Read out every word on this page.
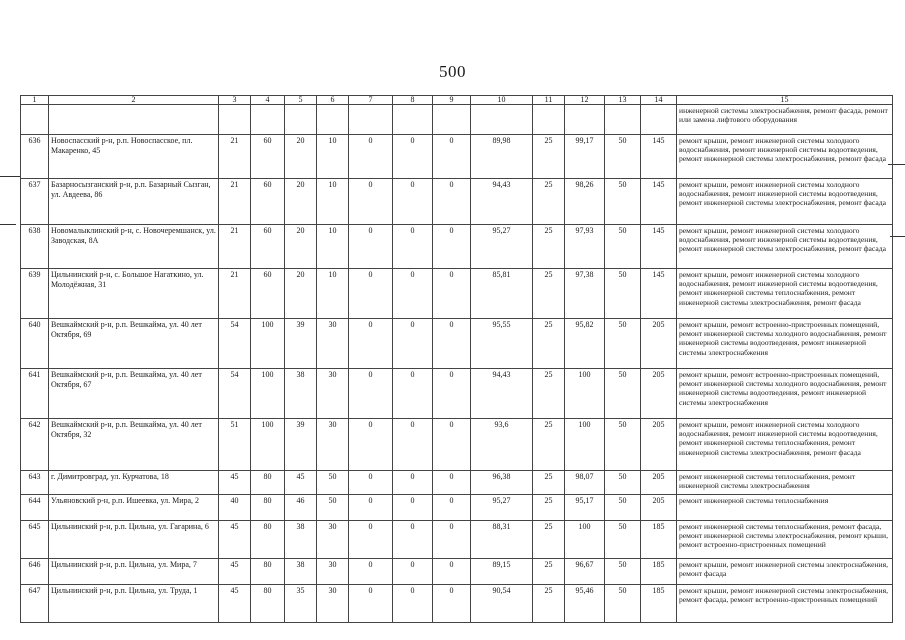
500
1	2	3	4	5	6	7	8	9	10	11	12	13	14	15
														инженерной системы электроснабжения, ремонт фасада, ремонт или замена лифтового оборудования
636	Новоспасский р-н, р.п. Новоспасское, пл. Макаренко, 45	21	60	20	10	0	0	0	89,98	25	99,17	50	145	ремонт крыши, ремонт инженерной системы холодного водоснабжения, ремонт инженерной системы водоотведения, ремонт инженерной системы электроснабжения, ремонт фасада
637	Базарносызганский р-н, р.п. Базарный Сызган, ул. Авдеева, 86	21	60	20	10	0	0	0	94,43	25	98,26	50	145	ремонт крыши, ремонт инженерной системы холодного водоснабжения, ремонт инженерной системы водоотведения, ремонт инженерной системы электроснабжения, ремонт фасада
638	Новомалыклинский р-н, с. Новочеремшанск, ул. Заводская, 8А	21	60	20	10	0	0	0	95,27	25	97,93	50	145	ремонт крыши, ремонт инженерной системы холодного водоснабжения, ремонт инженерной системы водоотведения, ремонт инженерной системы электроснабжения, ремонт фасада
639	Цильнинский р-н, с. Большое Нагаткино, ул. Молодёжная, 31	21	60	20	10	0	0	0	85,81	25	97,38	50	145	ремонт крыши, ремонт инженерной системы холодного водоснабжения, ремонт инженерной системы водоотведения, ремонт инженерной системы теплоснабжения, ремонт инженерной системы электроснабжения, ремонт фасада
640	Вешкаймский р-н, р.п. Вешкайма, ул. 40 лет Октября, 69	54	100	39	30	0	0	0	95,55	25	95,82	50	205	ремонт крыши, ремонт встроенно-пристроенных помещений, ремонт инженерной системы холодного водоснабжения, ремонт инженерной системы водоотведения, ремонт инженерной системы электроснабжения
641	Вешкаймский р-н, р.п. Вешкайма, ул. 40 лет Октября, 67	54	100	38	30	0	0	0	94,43	25	100	50	205	ремонт крыши, ремонт встроенно-пристроенных помещений, ремонт инженерной системы холодного водоснабжения, ремонт инженерной системы водоотведения, ремонт инженерной системы электроснабжения
642	Вешкаймский р-н, р.п. Вешкайма, ул. 40 лет Октября, 32	51	100	39	30	0	0	0	93,6	25	100	50	205	ремонт крыши, ремонт инженерной системы холодного водоснабжения, ремонт инженерной системы водоотведения, ремонт инженерной системы теплоснабжения, ремонт инженерной системы электроснабжения, ремонт фасада
643	г. Димитровград, ул. Курчатова, 18	45	80	45	50	0	0	0	96,38	25	98,07	50	205	ремонт инженерной системы теплоснабжения, ремонт инженерной системы электроснабжения
644	Ульяновский р-н, р.п. Ишеевка, ул. Мира, 2	40	80	46	50	0	0	0	95,27	25	95,17	50	205	ремонт инженерной системы теплоснабжения
645	Цильнинский р-н, р.п. Цильна, ул. Гагарина, 6	45	80	38	30	0	0	0	88,31	25	100	50	185	ремонт инженерной системы теплоснабжения, ремонт фасада, ремонт инженерной системы электроснабжения, ремонт крыши, ремонт встроенно-пристроенных помещений
646	Цильнинский р-н, р.п. Цильна, ул. Мира, 7	45	80	38	30	0	0	0	89,15	25	96,67	50	185	ремонт крыши, ремонт инженерной системы электроснабжения, ремонт фасада
647	Цильнинский р-н, р.п. Цильна, ул. Труда, 1	45	80	35	30	0	0	0	90,54	25	95,46	50	185	ремонт крыши, ремонт инженерной системы электроснабжения, ремонт фасада, ремонт встроенно-пристроенных помещений
